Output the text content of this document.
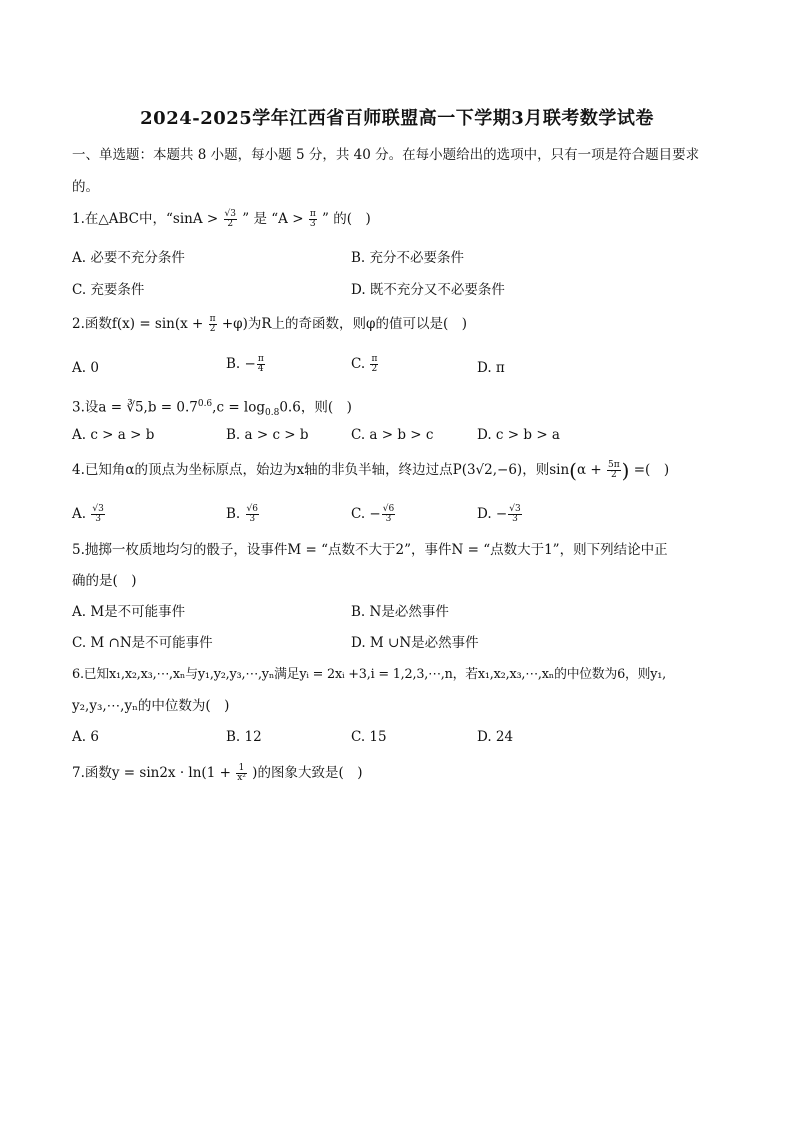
2024-2025学年江西省百师联盟高一下学期3月联考数学试卷
一、单选题：本题共 8 小题，每小题 5 分，共 40 分。在每小题给出的选项中，只有一项是符合题目要求
的。
1.在△ABC中，“$\sin A > \frac{√3}{2}$ ” 是 “$A > \frac{\pi}{3}$ ” 的(　)
A. 必要不充分条件	B. 充分不必要条件
C. 充要条件	D. 既不充分又不必要条件
2.函数$f(x) = \sin(x + \frac{\pi}{2} +\varphi)$为R上的奇函数，则φ的值可以是(　)
A. 0	B. − $\frac{\pi}{4}$	C. $\frac{\pi}{2}$	D. π
3.设a = ∛5,b = $0.7^{0.6},c = \log_{0.8}0.6$，则(　)
A. c > a > b	B. a > c > b	C. a > b > c	D. c > b > a
4.已知角α的顶点为坐标原点，始边为x轴的非负半轴，终边过点P(3√2,−6)，则$\sin(\alpha + \frac{5\pi}{2}$ ) =(　)
A. $\frac{√3}{3}$	B. $\frac{√6}{3}$	C. − $\frac{√6}{3}$	D. − $\frac{√3}{3}$
5.抛掷一枚质地均匀的骰子，设事件M = “点数不大于2”，事件N = “点数大于1”，则下列结论中正
确的是(　)
A. M是不可能事件	B. N是必然事件
C. M ∩N是不可能事件	D. M ∪N是必然事件
6.已知x₁,x₂,x₃,⋯,xₙ与y₁,y₂,y₃,⋯,yₙ满足yᵢ = 2xᵢ +3,i = 1,2,3,⋯,n，若x₁,x₂,x₃,⋯,xₙ的中位数为6，则y₁,
y₂,y₃,⋯,yₙ的中位数为(　)
A. 6	B. 12	C. 15	D. 24
7.函数$y = \sin 2x \cdot \ln(1 + \frac{1}{\text{x²}}$ )的图象大致是(　)
